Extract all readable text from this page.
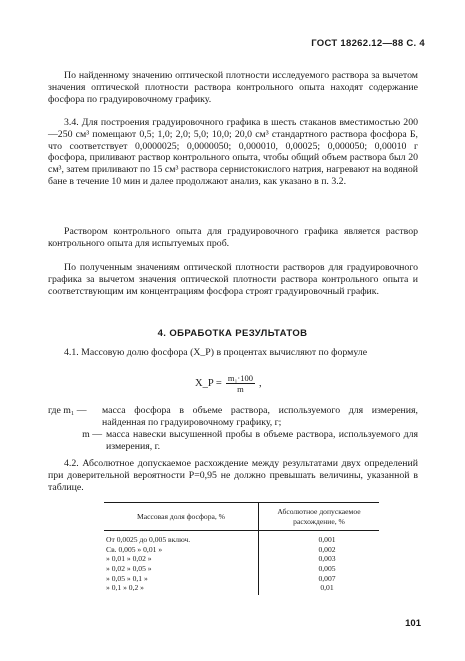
ГОСТ 18262.12—88 С. 4

По найденному значению оптической плотности исследуемого раствора за вычетом значения оптической плотности раствора контрольного опыта находят содержание фосфора по градуировочному графику.

3.4. Для построения градуировочного графика в шесть стаканов вместимостью 200—250 см³ помещают 0,5; 1,0; 2,0; 5,0; 10,0; 20,0 см³ стандартного раствора фосфора Б, что соответствует 0,0000025; 0,0000050; 0,000010, 0,00025; 0,000050; 0,00010 г фосфора, приливают раствор контрольного опыта, чтобы общий объем раствора был 20 см³, затем приливают по 15 см³ раствора сернистокислого натрия, нагревают на водяной бане в течение 10 мин и далее продолжают анализ, как указано в п. 3.2.

Раствором контрольного опыта для градуировочного графика является раствор контрольного опыта для испытуемых проб.

По полученным значениям оптической плотности растворов для градуировочного графика за вычетом значения оптической плотности раствора контрольного опыта и соответствующим им концентрациям фосфора строят градуировочный график.

4. ОБРАБОТКА РЕЗУЛЬТАТОВ

4.1. Массовую долю фосфора (X_P) в процентах вычисляют по формуле

X_P = $\frac{\text{m₁·100}}{m}$ ,
где m₁ —	масса фосфора в объеме раствора, используемого для измерения, найденная по градуировочному графику, г;
m — масса навески высушенной пробы в объеме раствора, используемого для измерения, г.

4.2. Абсолютное допускаемое расхождение между результатами двух определений при доверительной вероятности P=0,95 не должно превышать величины, указанной в таблице.

Массовая доля фосфора, %	Абсолютное допускаемое расхождение, %
От 0,0025 до 0,005 включ.	0,001
Св. 0,005 » 0,01 »	0,002
» 0,01 » 0,02 »	0,003
» 0,02 » 0,05 »	0,005
» 0,05 » 0,1 »	0,007
» 0,1 » 0,2 »	0,01
101
